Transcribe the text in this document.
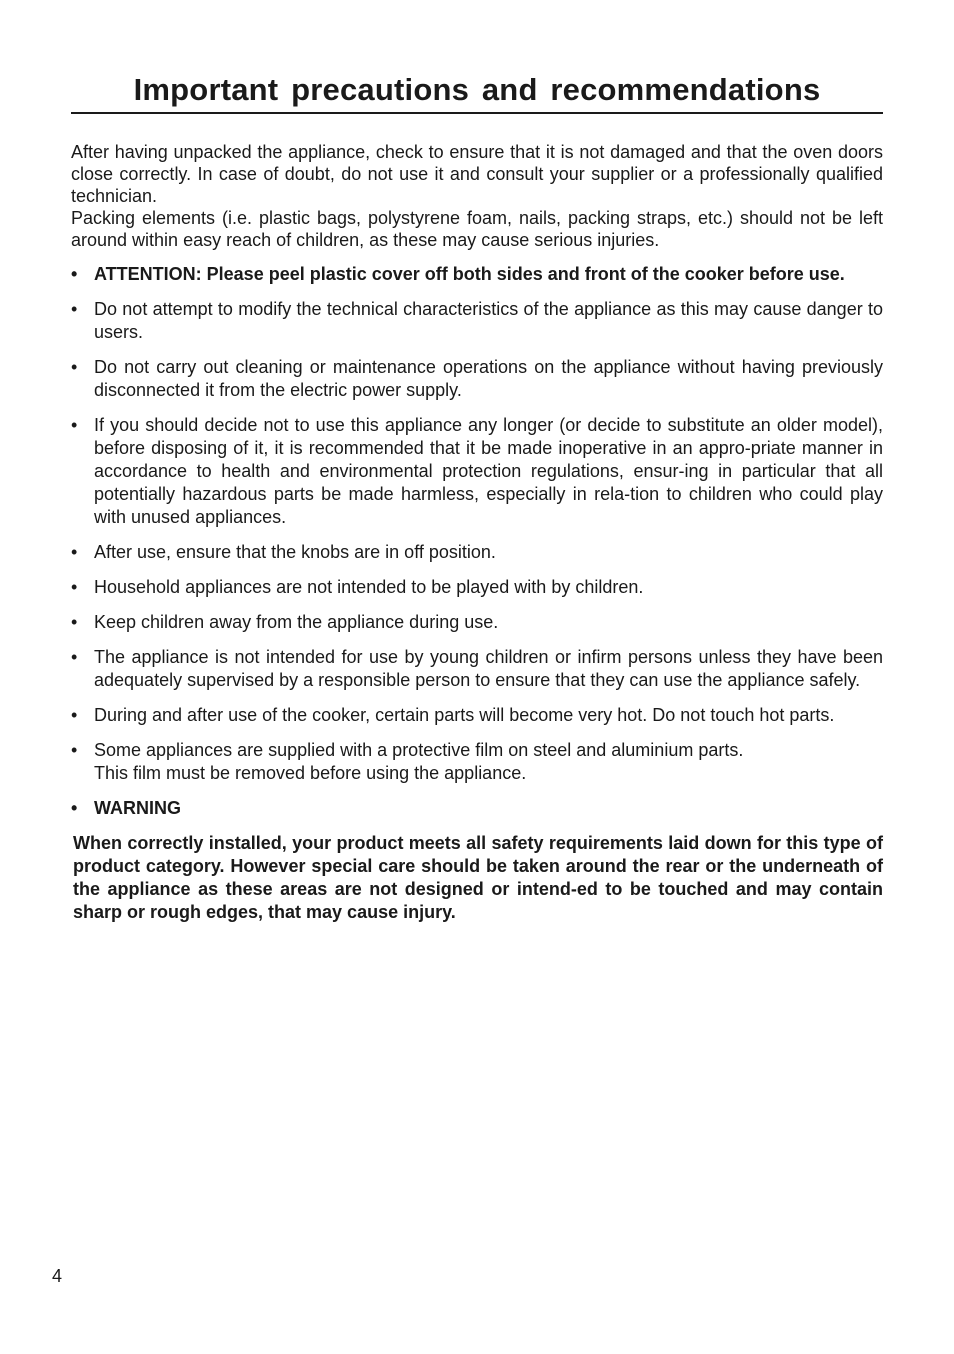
Important precautions and recommendations

After having unpacked the appliance, check to ensure that it is not damaged and that the oven doors close correctly. In case of doubt, do not use it and consult your supplier or a professionally qualified technician.

Packing elements (i.e. plastic bags, polystyrene foam, nails, packing straps, etc.) should not be left around within easy reach of children, as these may cause serious injuries.

• ATTENTION: Please peel plastic cover off both sides and front of the cooker before use.
• Do not attempt to modify the technical characteristics of the appliance as this may cause danger to users.
• Do not carry out cleaning or maintenance operations on the appliance without having previously disconnected it from the electric power supply.
• If you should decide not to use this appliance any longer (or decide to substitute an older model), before disposing of it, it is recommended that it be made inoperative in an appro-priate manner in accordance to health and environmental protection regulations, ensur-ing in particular that all potentially hazardous parts be made harmless, especially in rela-tion to children who could play with unused appliances.
• After use, ensure that the knobs are in off position.
• Household appliances are not intended to be played with by children.
• Keep children away from the appliance during use.
• The appliance is not intended for use by young children or infirm persons unless they have been adequately supervised by a responsible person to ensure that they can use the appliance safely.
• During and after use of the cooker, certain parts will become very hot. Do not touch hot parts.
• Some appliances are supplied with a protective film on steel and aluminium parts.
This film must be removed before using the appliance.
• WARNING
When correctly installed, your product meets all safety requirements laid down for this type of product category. However special care should be taken around the rear or the underneath of the appliance as these areas are not designed or intend-ed to be touched and may contain sharp or rough edges, that may cause injury.
4
